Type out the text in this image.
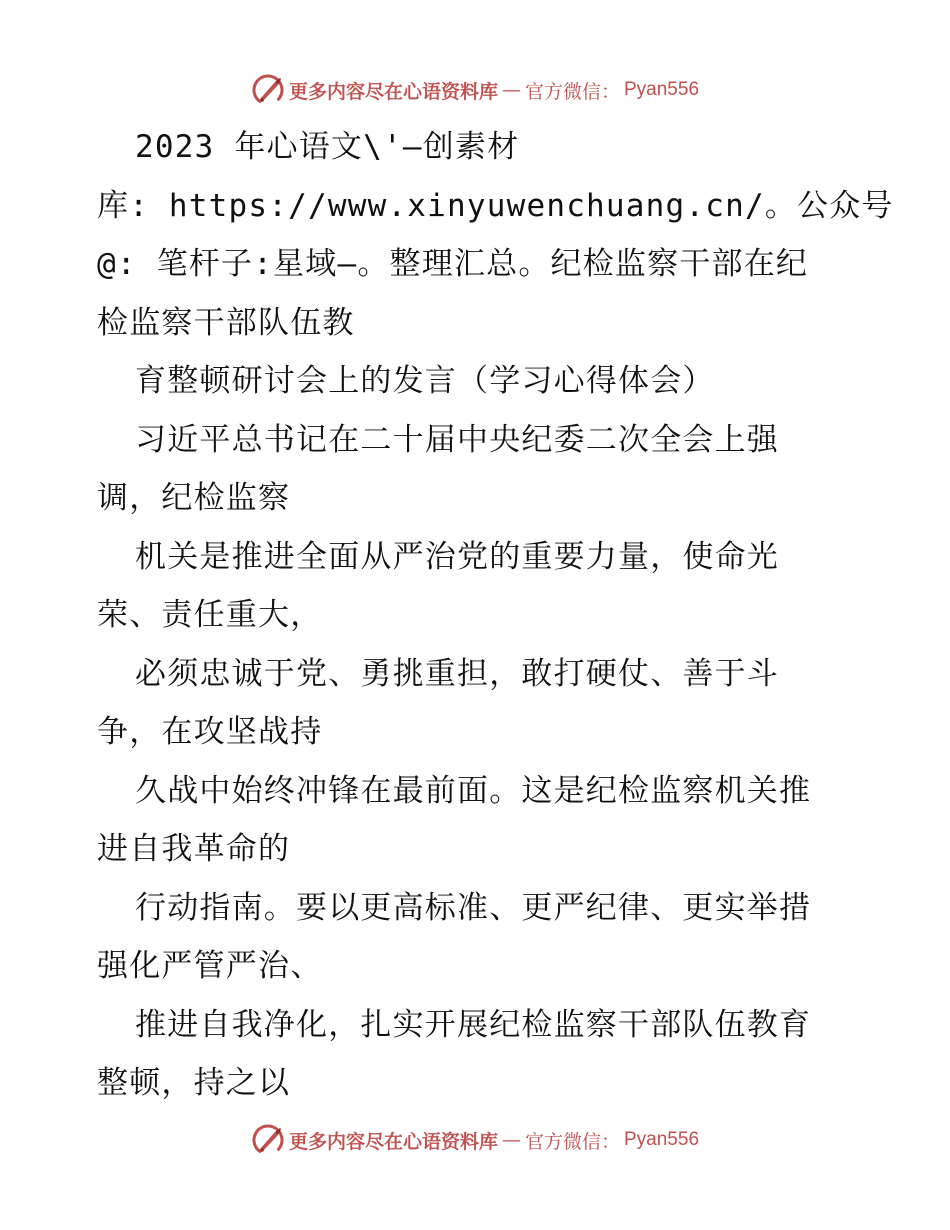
更多内容尽在心语资料库 — 官方微信： Pyan556
2023 年心语文\'—创素材
库: https://www.xinyuwenchuang.cn/。公众号
@: 笔杆子:星域—。整理汇总。纪检监察干部在纪
检监察干部队伍教
育整顿研讨会上的发言（学习心得体会）
习近平总书记在二十届中央纪委二次全会上强
调，纪检监察
机关是推进全面从严治党的重要力量，使命光
荣、责任重大，
必须忠诚于党、勇挑重担，敢打硬仗、善于斗
争，在攻坚战持
久战中始终冲锋在最前面。这是纪检监察机关推
进自我革命的
行动指南。要以更高标准、更严纪律、更实举措
强化严管严治、
推进自我净化，扎实开展纪检监察干部队伍教育
整顿，持之以
更多内容尽在心语资料库 — 官方微信： Pyan556
